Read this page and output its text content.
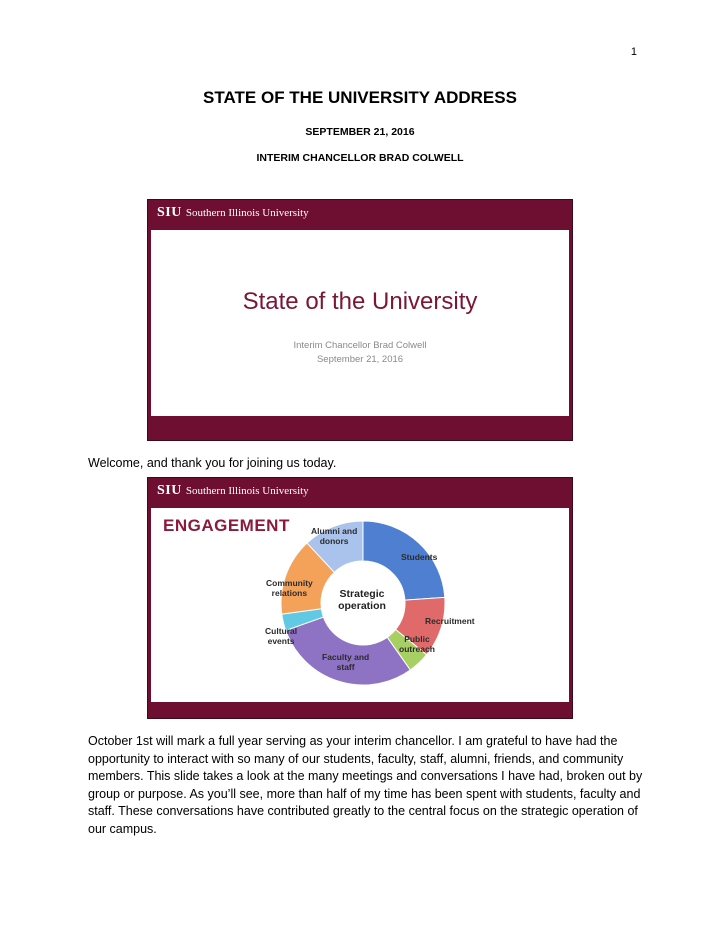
1
STATE OF THE UNIVERSITY ADDRESS
SEPTEMBER 21, 2016
INTERIM CHANCELLOR BRAD COLWELL
SIU Southern Illinois University
State of the University
Interim Chancellor Brad Colwell
September 21, 2016

Welcome, and thank you for joining us today.

SIU Southern Illinois University
ENGAGEMENT
Strategic
operation
Students
Recruitment
Public
outreach
Faculty and
staff
Cultural
events
Community
relations
Alumni and
donors

October 1st will mark a full year serving as your interim chancellor. I am grateful to have had the opportunity to interact with so many of our students, faculty, staff, alumni, friends, and community members. This slide takes a look at the many meetings and conversations I have had, broken out by group or purpose. As you’ll see, more than half of my time has been spent with students, faculty and staff. These conversations have contributed greatly to the central focus on the strategic operation of our campus.
